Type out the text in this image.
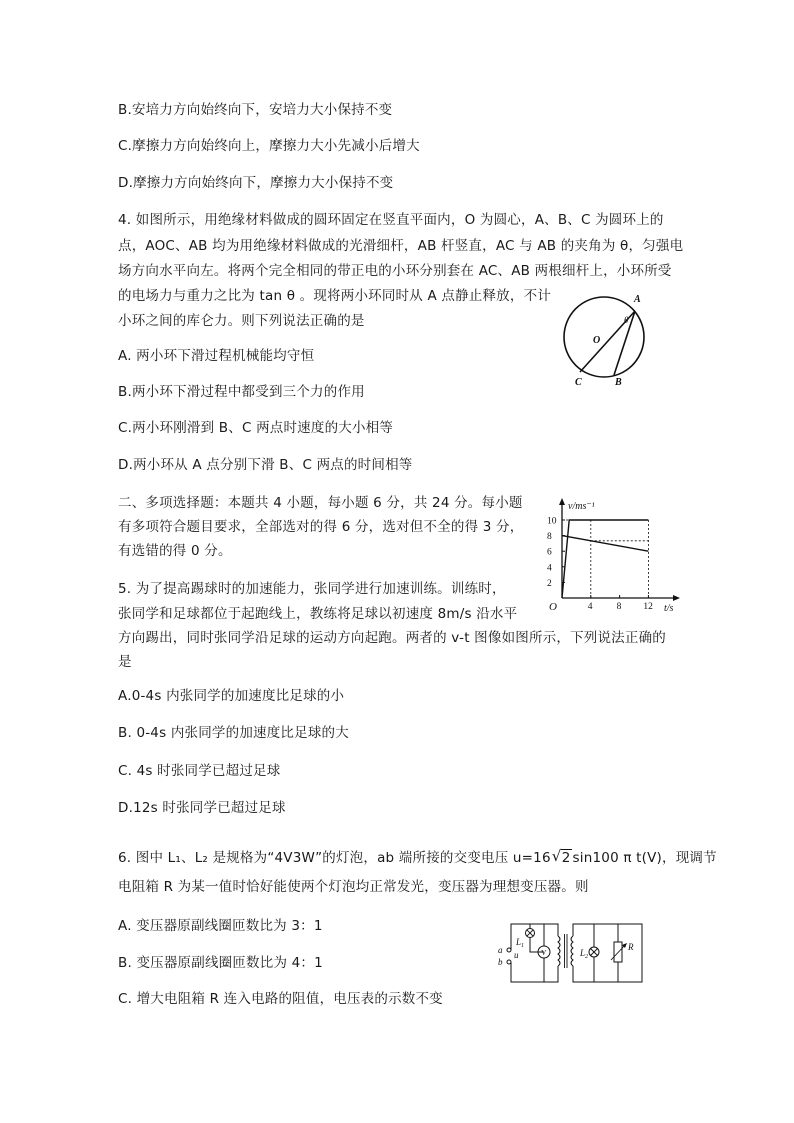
B.安培力方向始终向下，安培力大小保持不变
C.摩擦力方向始终向上，摩擦力大小先减小后增大
D.摩擦力方向始终向下，摩擦力大小保持不变
4. 如图所示，用绝缘材料做成的圆环固定在竖直平面内，O 为圆心，A、B、C 为圆环上的
点，AOC、AB 均为用绝缘材料做成的光滑细杆，AB 杆竖直，AC 与 AB 的夹角为 θ，匀强电
场方向水平向左。将两个完全相同的带正电的小环分别套在 AC、AB 两根细杆上，小环所受
的电场力与重力之比为 tan θ 。现将两小环同时从 A 点静止释放，不计
小环之间的库仑力。则下列说法正确的是
A
θ
O
C	B
A. 两小环下滑过程机械能均守恒
B.两小环下滑过程中都受到三个力的作用
C.两小环刚滑到 B、C 两点时速度的大小相等
D.两小环从 A 点分别下滑 B、C 两点的时间相等
二、多项选择题：本题共 4 小题，每小题 6 分，共 24 分。每小题
有多项符合题目要求，全部选对的得 6 分，选对但不全的得 3 分，
有选错的得 0 分。
5. 为了提高踢球时的加速能力，张同学进行加速训练。训练时，
张同学和足球都位于起跑线上，教练将足球以初速度 8m/s 沿水平
方向踢出，同时张同学沿足球的运动方向起跑。两者的 v-t 图像如图所示，下列说法正确的
是
v/ms⁻¹
t/s
O
10
8
6
4
2
4	8 12
A.0-4s 内张同学的加速度比足球的小
B. 0-4s 内张同学的加速度比足球的大
C. 4s 时张同学已超过足球
D.12s 时张同学已超过足球
6. 图中 L₁、L₂ 是规格为“4V3W”的灯泡，ab 端所接的交变电压 u=16 √ 2 sin100 π t(V)，现调节
电阻箱 R 为某一值时恰好能使两个灯泡均正常发光，变压器为理想变压器。则
A. 变压器原副线圈匝数比为 3：1
B. 变压器原副线圈匝数比为 4：1
C. 增大电阻箱 R 连入电路的阻值，电压表的示数不变
a
b
u
$L_1$
V	$L_2$
R
